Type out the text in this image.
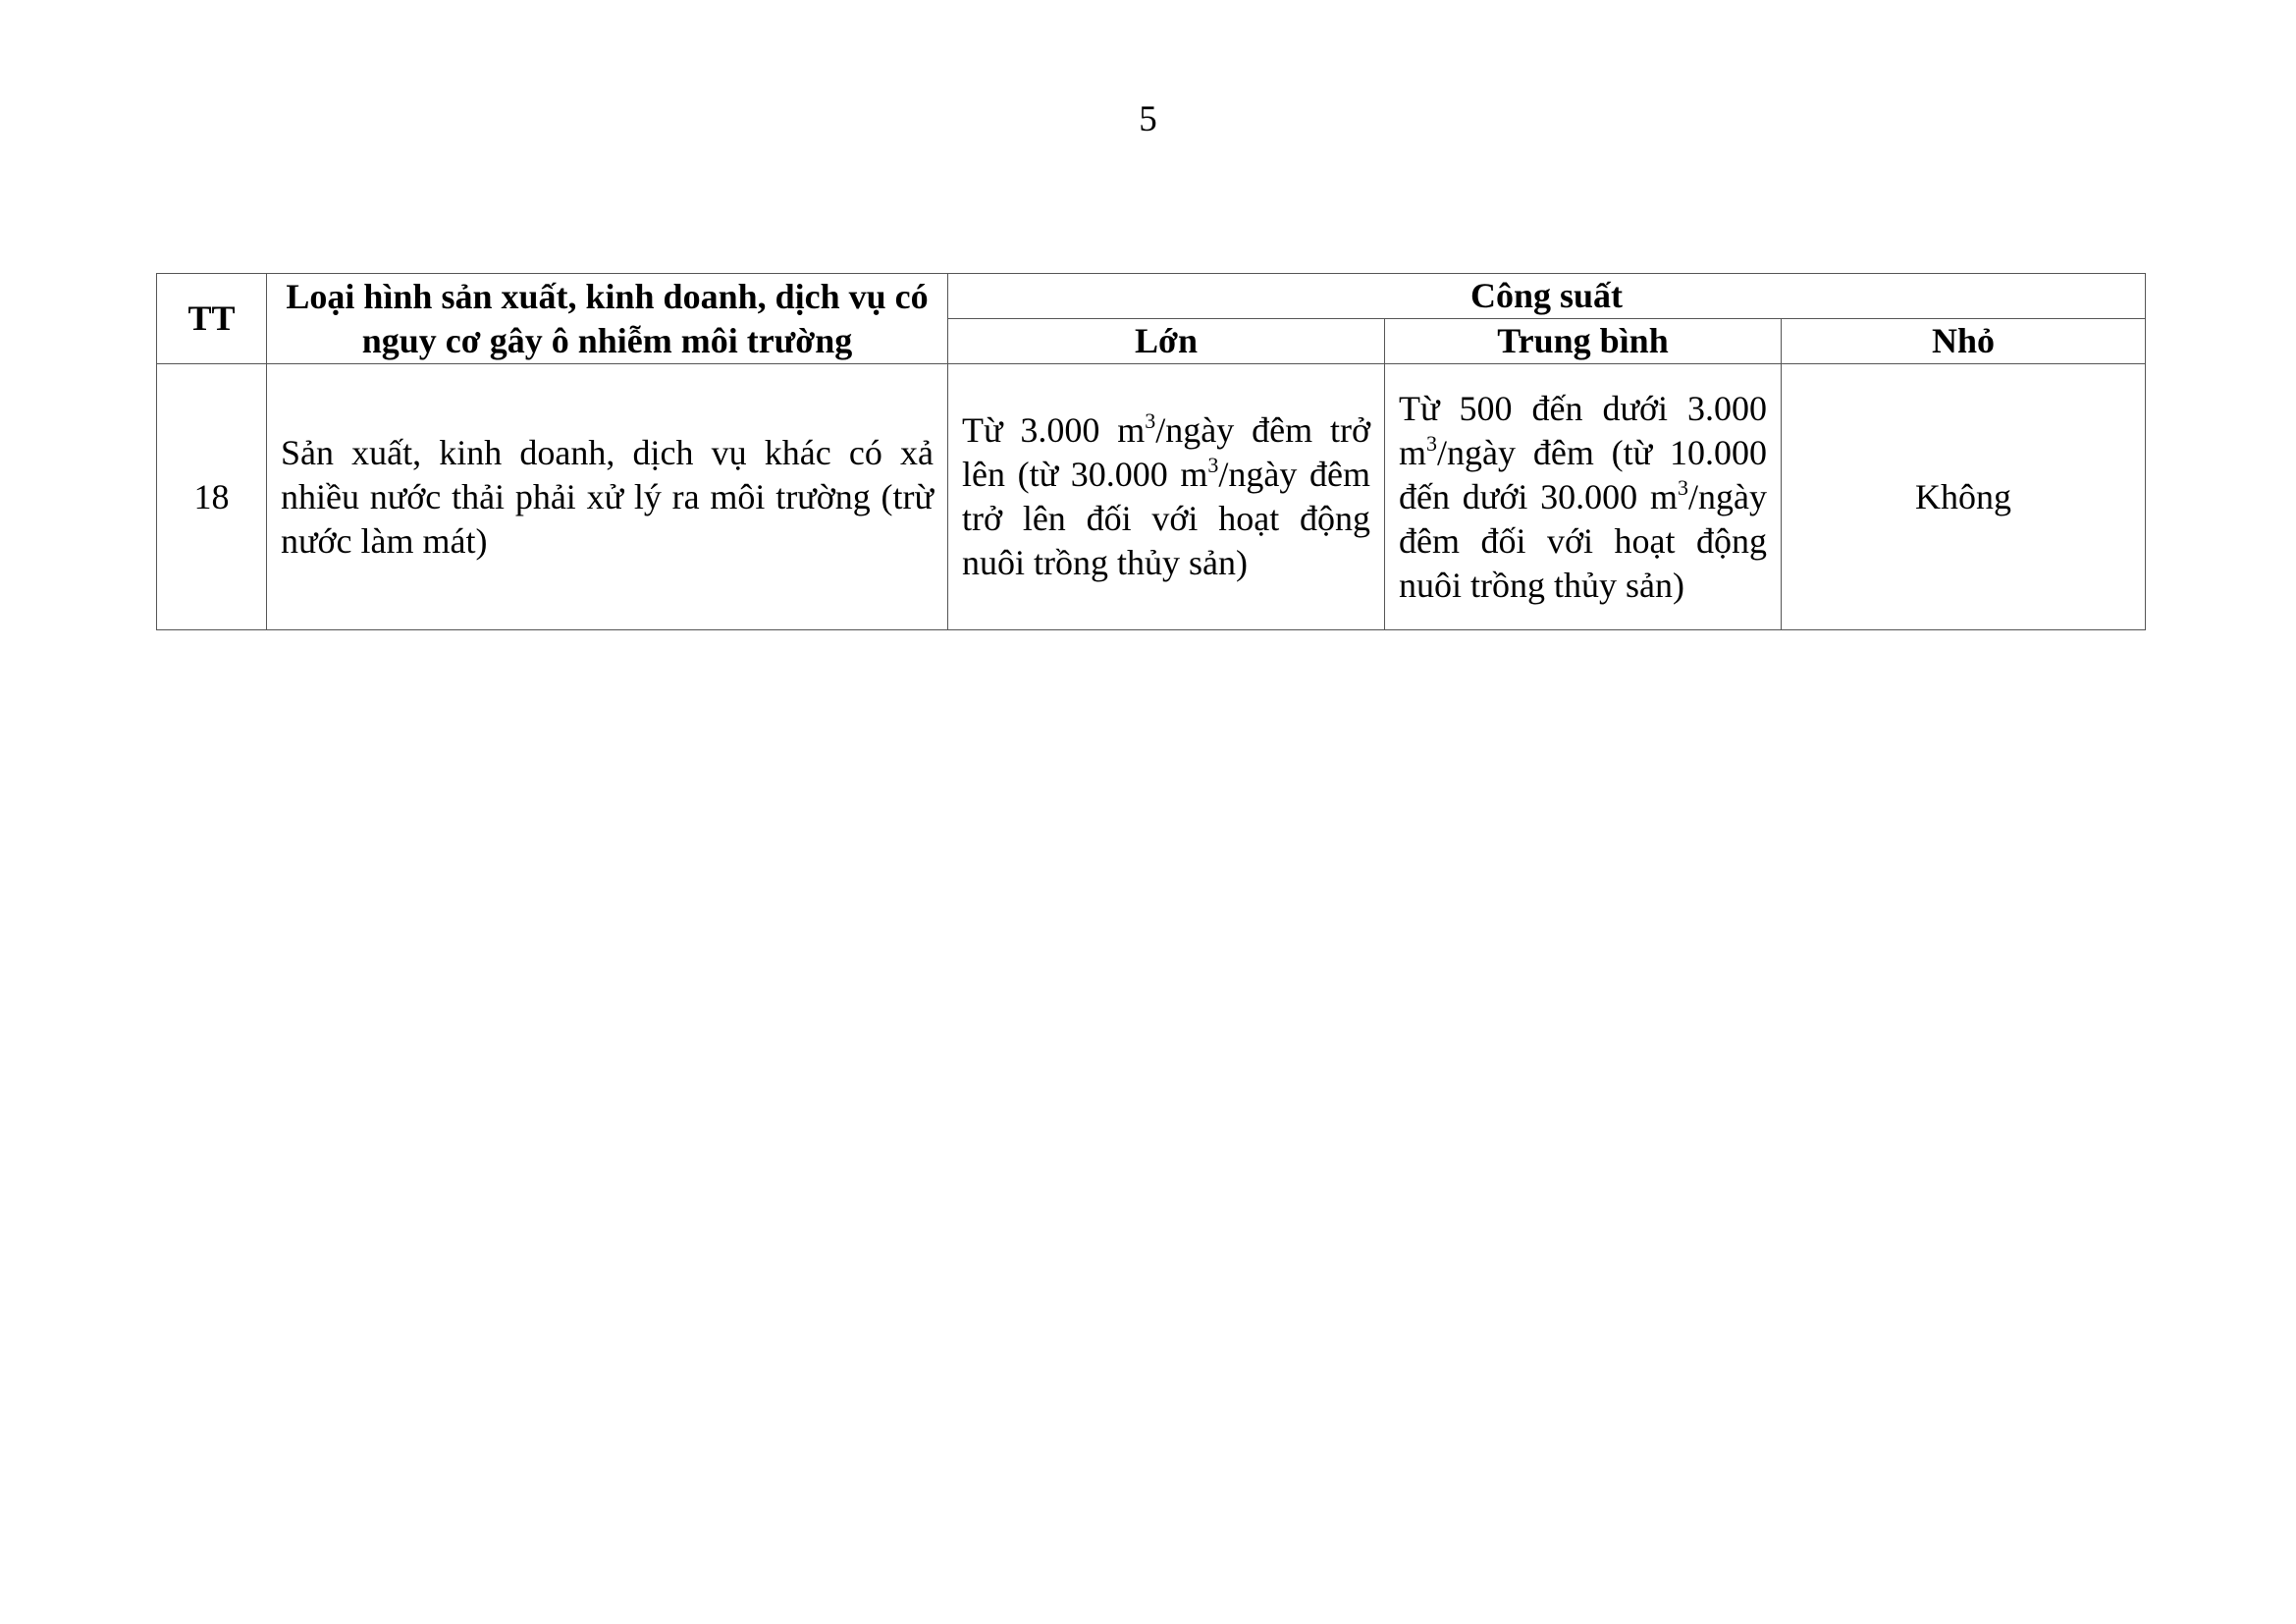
5
TT	Loại hình sản xuất, kinh doanh, dịch vụ có nguy cơ gây ô nhiễm môi trường	Công suất		
		Lớn	Trung bình	Nhỏ
18	Sản xuất, kinh doanh, dịch vụ khác có xả nhiều nước thải phải xử lý ra môi trường (trừ nước làm mát)	Từ 3.000 $m^3$/ngày đêm trở lên (từ 30.000 $m^3$/ngày đêm trở lên đối với hoạt động nuôi trồng thủy sản)	Từ 500 đến dưới 3.000 $m^3$/ngày đêm (từ 10.000 đến dưới 30.000 $m^3$/ngày đêm đối với hoạt động nuôi trồng thủy sản)	Không
